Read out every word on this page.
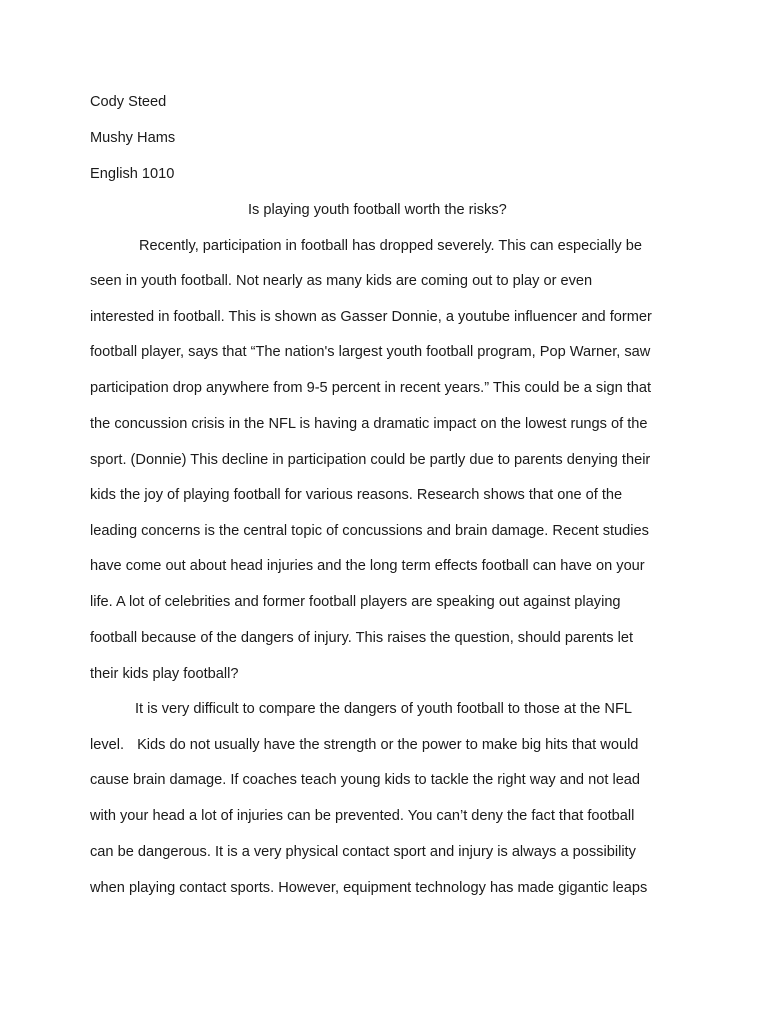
Cody Steed
Mushy Hams
English 1010
Is playing youth football worth the risks?
Recently, participation in football has dropped severely. This can especially be
seen in youth football. Not nearly as many kids are coming out to play or even
interested in football. This is shown as Gasser Donnie, a youtube influencer and former
football player, says that “The nation's largest youth football program, Pop Warner, saw
participation drop anywhere from 9-5 percent in recent years.” This could be a sign that
the concussion crisis in the NFL is having a dramatic impact on the lowest rungs of the
sport. (Donnie) This decline in participation could be partly due to parents denying their
kids the joy of playing football for various reasons. Research shows that one of the
leading concerns is the central topic of concussions and brain damage. Recent studies
have come out about head injuries and the long term effects football can have on your
life. A lot of celebrities and former football players are speaking out against playing
football because of the dangers of injury. This raises the question, should parents let
their kids play football?
It is very difficult to compare the dangers of youth football to those at the NFL
level. Kids do not usually have the strength or the power to make big hits that would
cause brain damage. If coaches teach young kids to tackle the right way and not lead
with your head a lot of injuries can be prevented. You can’t deny the fact that football
can be dangerous. It is a very physical contact sport and injury is always a possibility
when playing contact sports. However, equipment technology has made gigantic leaps
